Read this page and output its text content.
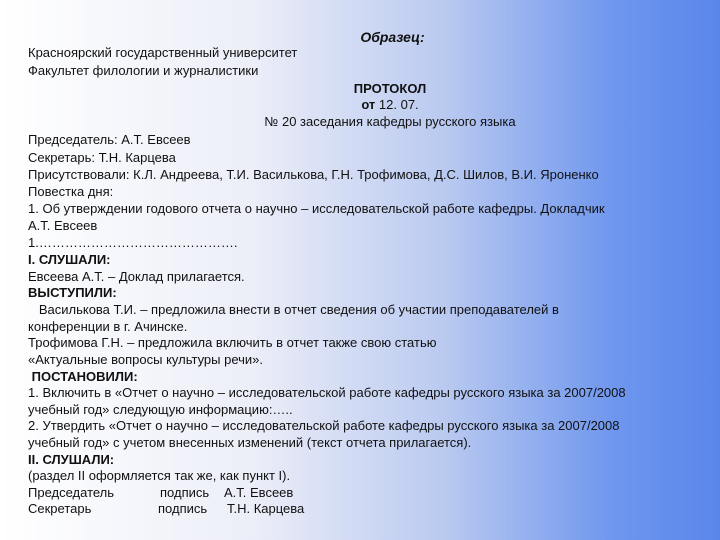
Образец:
Красноярский государственный университет
Факультет филологии и журналистики
ПРОТОКОЛ
от 12. 07.
№ 20 заседания кафедры русского языка
Председатель: А.Т. Евсеев
Секретарь: Т.Н. Карцева
Присутствовали: К.Л. Андреева, Т.И. Василькова, Г.Н. Трофимова, Д.С. Шилов, В.И. Яроненко
Повестка дня:
1. Об утверждении годового отчета о научно – исследовательской работе кафедры. Докладчик
А.Т. Евсеев
1.……………………………………….
I. СЛУШАЛИ:
Евсеева А.Т. – Доклад прилагается.
ВЫСТУПИЛИ:
Василькова Т.И. – предложила внести в отчет сведения об участии преподавателей в
конференции в г. Ачинске.
Трофимова Г.Н. – предложила включить в отчет также свою статью
«Актуальные вопросы культуры речи».
ПОСТАНОВИЛИ:
1. Включить в «Отчет о научно – исследовательской работе кафедры русского языка за 2007/2008
учебный год» следующую информацию:…..
2. Утвердить «Отчет о научно – исследовательской работе кафедры русского языка за 2007/2008
учебный год» с учетом внесенных изменений (текст отчета прилагается).
II. СЛУШАЛИ:
(раздел II оформляется так же, как пункт I).
Председатель	подпись А.Т. Евсеев
Секретарь	подпись Т.Н. Карцева
